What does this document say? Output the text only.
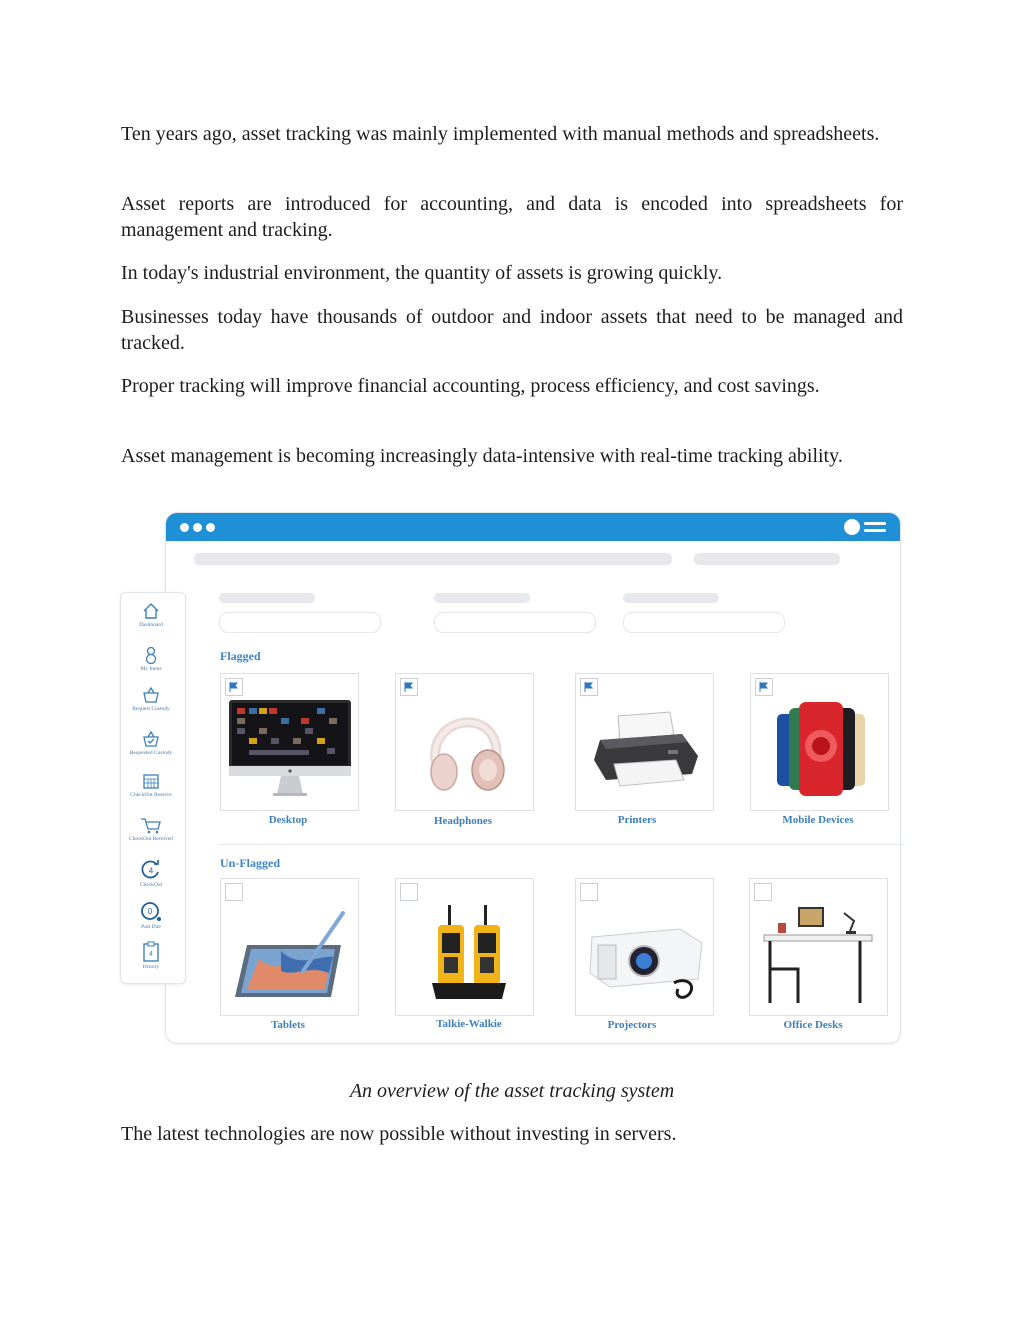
Ten years ago, asset tracking was mainly implemented with manual methods and spreadsheets.

Asset reports are introduced for accounting, and data is encoded into spreadsheets for management and tracking.

In today's industrial environment, the quantity of assets is growing quickly.

Businesses today have thousands of outdoor and indoor assets that need to be managed and tracked.

Proper tracking will improve financial accounting, process efficiency, and cost savings.

Asset management is becoming increasingly data-intensive with real-time tracking ability.

Dashboard
My Items
Request Custody
Requested Custody
CheckOut Reserve
CheckOut Received
4
CheckOut
0
Past Due
4
History
Flagged
Desktop	Headphones	Printers	Mobile Devices
Un-Flagged
Tablets	Talkie-Walkie	Projectors	Office Desks
An overview of the asset tracking system

The latest technologies are now possible without investing in servers.
